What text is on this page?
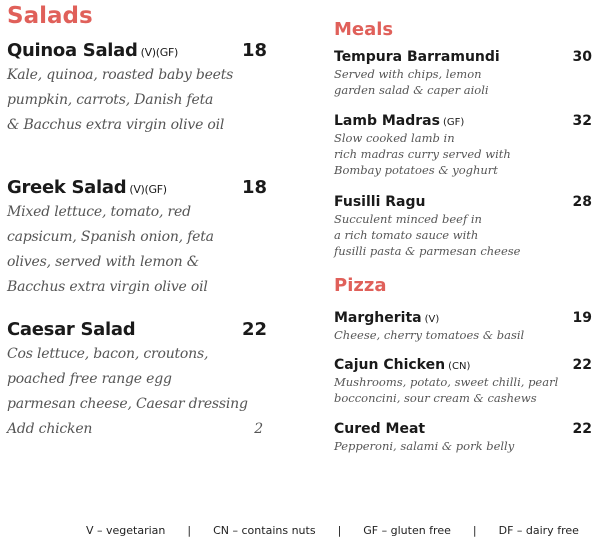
Salads
Quinoa Salad (V)(GF)	18
Kale, quinoa, roasted baby beets
pumpkin, carrots, Danish feta
& Bacchus extra virgin olive oil
Greek Salad (V)(GF)	18
Mixed lettuce, tomato, red
capsicum, Spanish onion, feta
olives, served with lemon &
Bacchus extra virgin olive oil
Caesar Salad	22
Cos lettuce, bacon, croutons,
poached free range egg
parmesan cheese, Caesar dressing
Add chicken	2
Meals
Tempura Barramundi	30
Served with chips, lemon
garden salad & caper aioli
Lamb Madras (GF)	32
Slow cooked lamb in
rich madras curry served with
Bombay potatoes & yoghurt
Fusilli Ragu	28
Succulent minced beef in
a rich tomato sauce with
fusilli pasta & parmesan cheese
Pizza
Margherita (V)	19
Cheese, cherry tomatoes & basil
Cajun Chicken (CN)	22
Mushrooms, potato, sweet chilli, pearl
bocconcini, sour cream & cashews
Cured Meat	22
Pepperoni, salami & pork belly
V – vegetarian | CN – contains nuts | GF – gluten free | DF – dairy free
